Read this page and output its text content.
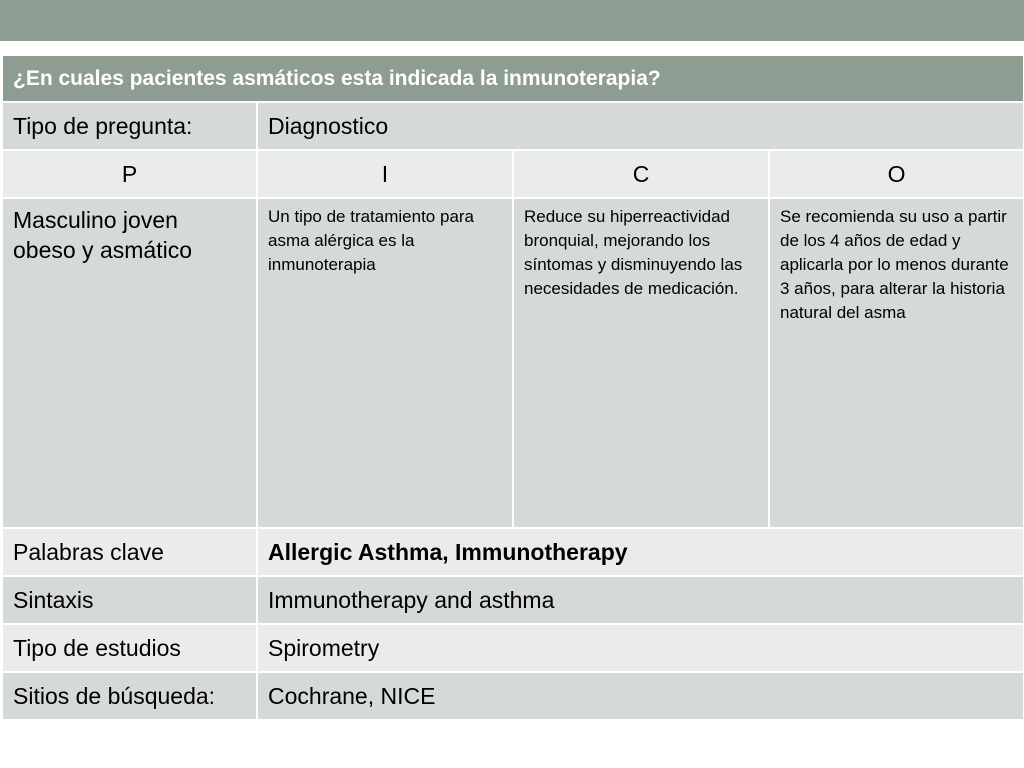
¿En cuales pacientes asmáticos esta indicada la inmunoterapia?			
Tipo de pregunta:	Diagnostico		
P	I	C	O
Masculino joven obeso y asmático	Un tipo de tratamiento para asma alérgica es la inmunoterapia	Reduce su hiperreactividad bronquial, mejorando los síntomas y disminuyendo las necesidades de medicación.	Se recomienda su uso a partir de los 4 años de edad y aplicarla por lo menos durante 3 años, para alterar la historia natural del asma
Palabras clave	Allergic Asthma, Immunotherapy		
Sintaxis	Immunotherapy and asthma		
Tipo de estudios	Spirometry		
Sitios de búsqueda:	Cochrane, NICE		
